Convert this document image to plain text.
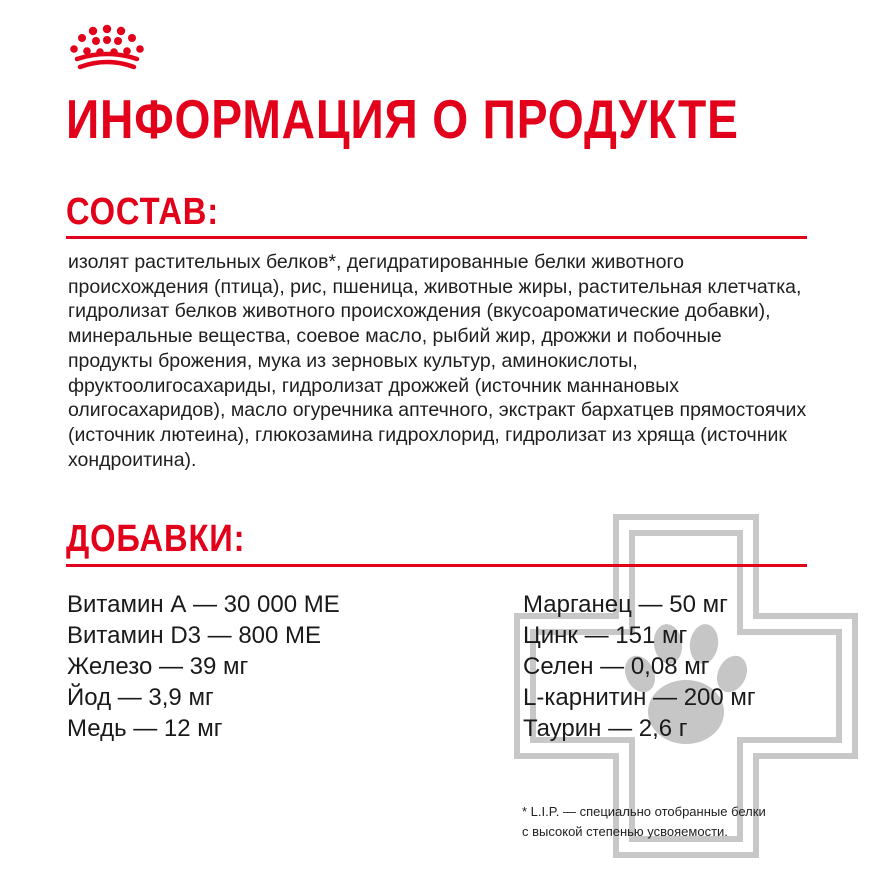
ИНФОРМАЦИЯ О ПРОДУКТЕ
СОСТАВ:

изолят растительных белков*, дегидратированные белки животного происхождения (птица), рис, пшеница, животные жиры, растительная клетчатка, гидролизат белков животного происхождения (вкусоароматические добавки), минеральные вещества, соевое масло, рыбий жир, дрожжи и побочные продукты брожения, мука из зерновых культур, аминокислоты, фруктоолигосахариды, гидролизат дрожжей (источник маннановых олигосахаридов), масло огуречника аптечного, экстракт бархатцев прямостоячих (источник лютеина), глюкозамина гидрохлорид, гидролизат из хряща (источник хондроитина).

ДОБАВКИ:
Витамин А — 30 000 МЕ
Витамин D3 — 800 МЕ
Железо — 39 мг
Йод — 3,9 мг
Медь — 12 мг
Марганец — 50 мг
Цинк — 151 мг
Селен — 0,08 мг
L-карнитин — 200 мг
Таурин — 2,6 г

* L.I.P. — специально отобранные белки
с высокой степенью усвояемости.
